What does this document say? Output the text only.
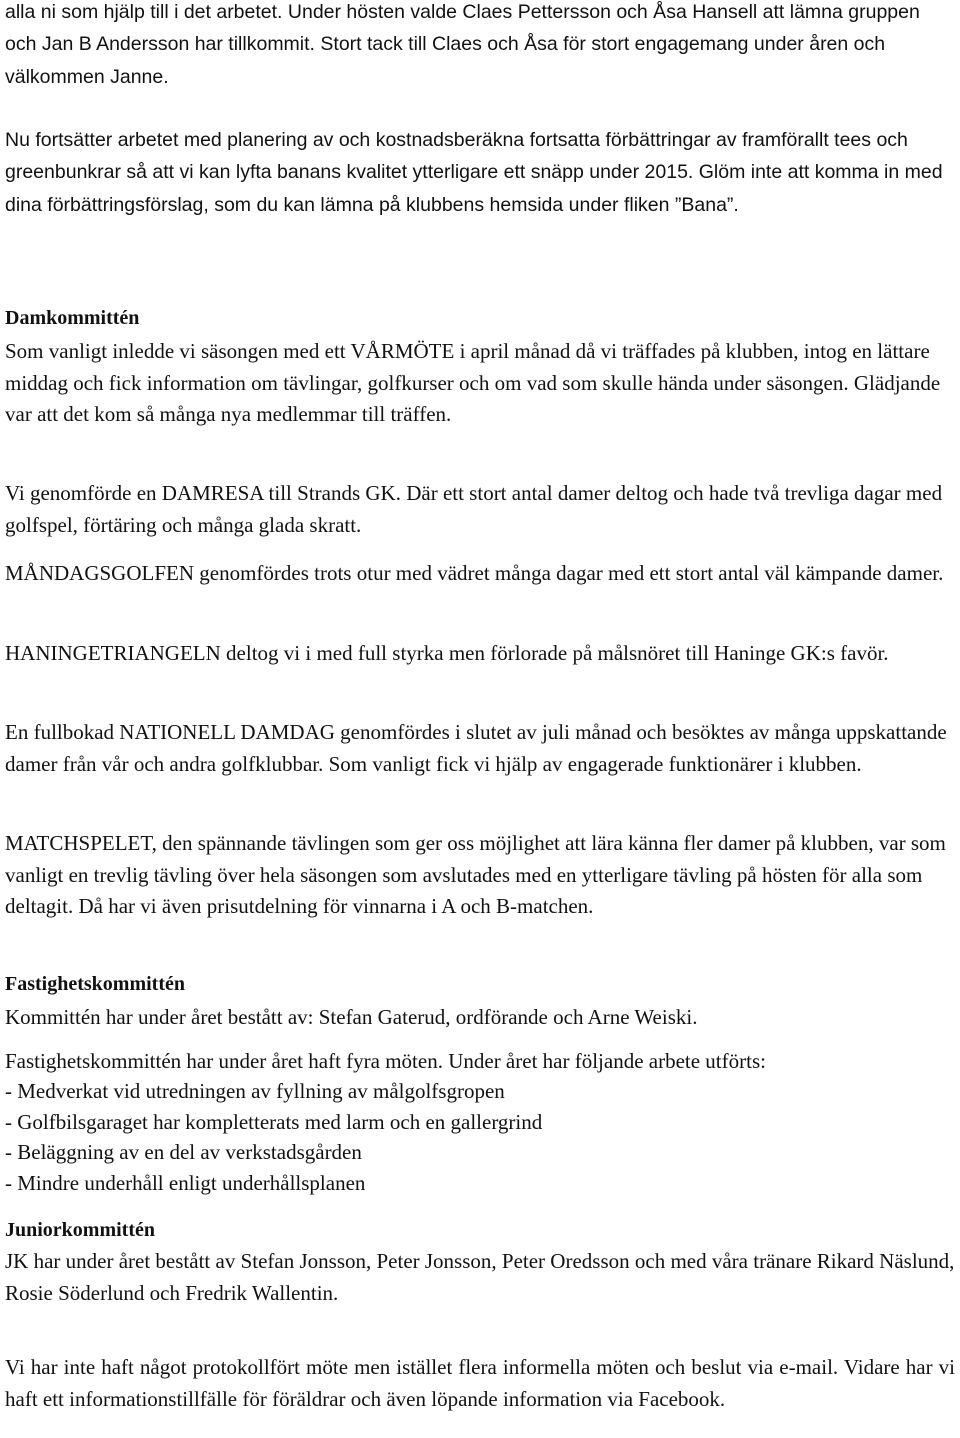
alla ni som hjälp till i det arbetet. Under hösten valde Claes Pettersson och Åsa Hansell att lämna gruppen och Jan B Andersson har tillkommit. Stort tack till Claes och Åsa för stort engagemang under åren och välkommen Janne.

Nu fortsätter arbetet med planering av och kostnadsberäkna fortsatta förbättringar av framförallt tees och greenbunkrar så att vi kan lyfta banans kvalitet ytterligare ett snäpp under 2015. Glöm inte att komma in med dina förbättringsförslag, som du kan lämna på klubbens hemsida under fliken ”Bana”.

Damkommittén

Som vanligt inledde vi säsongen med ett VÅRMÖTE i april månad då vi träffades på klubben, intog en lättare middag och fick information om tävlingar, golfkurser och om vad som skulle hända under säsongen. Glädjande var att det kom så många nya medlemmar till träffen.

Vi genomförde en DAMRESA till Strands GK. Där ett stort antal damer deltog och hade två trevliga dagar med golfspel, förtäring och många glada skratt.

MÅNDAGSGOLFEN genomfördes trots otur med vädret många dagar med ett stort antal väl kämpande damer.

HANINGETRIANGELN deltog vi i med full styrka men förlorade på målsnöret till Haninge GK:s favör.

En fullbokad NATIONELL DAMDAG genomfördes i slutet av juli månad och besöktes av många uppskattande damer från vår och andra golfklubbar. Som vanligt fick vi hjälp av engagerade funktionärer i klubben.

MATCHSPELET, den spännande tävlingen som ger oss möjlighet att lära känna fler damer på klubben, var som vanligt en trevlig tävling över hela säsongen som avslutades med en ytterligare tävling på hösten för alla som deltagit. Då har vi även prisutdelning för vinnarna i A och B-matchen.

Fastighetskommittén

Kommittén har under året bestått av: Stefan Gaterud, ordförande och Arne Weiski.

Fastighetskommittén har under året haft fyra möten. Under året har följande arbete utförts:

- Medverkat vid utredningen av fyllning av målgolfsgropen
- Golfbilsgaraget har kompletterats med larm och en gallergrind
- Beläggning av en del av verkstadsgården
- Mindre underhåll enligt underhållsplanen
Juniorkommittén

JK har under året bestått av Stefan Jonsson, Peter Jonsson, Peter Oredsson och med våra tränare Rikard Näslund, Rosie Söderlund och Fredrik Wallentin.

Vi har inte haft något protokollfört möte men istället flera informella möten och beslut via e-mail. Vidare har vi haft ett informationstillfälle för föräldrar och även löpande information via Facebook.
